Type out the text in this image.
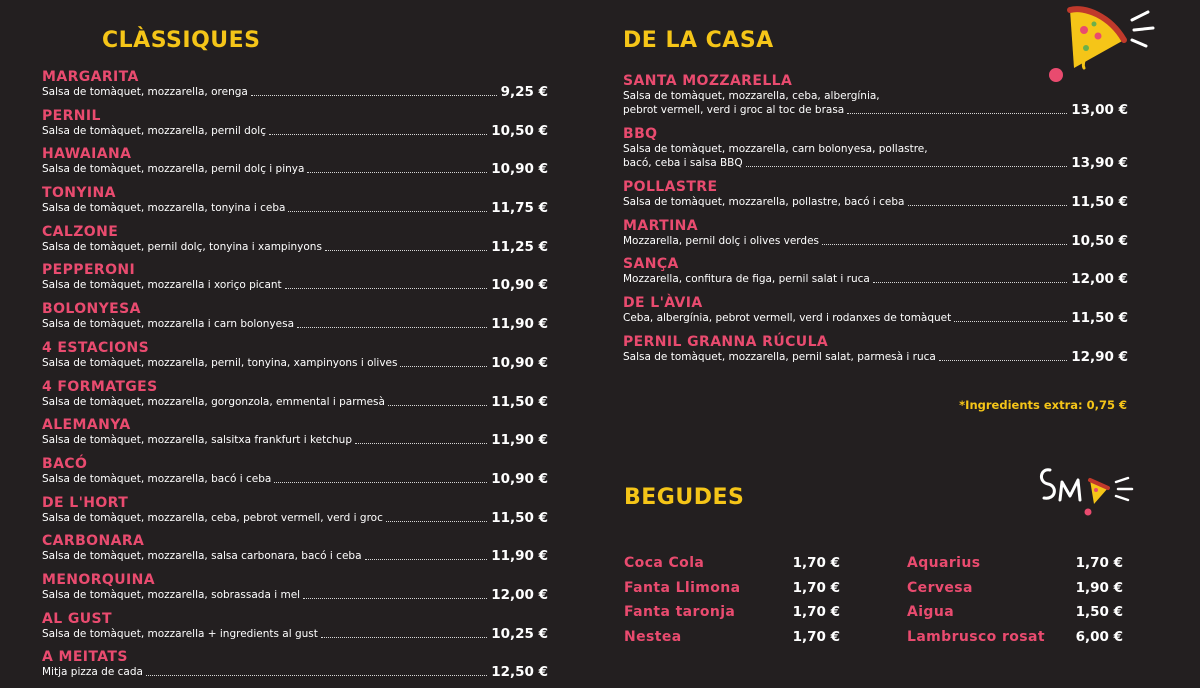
CLÀSSIQUES
MARGARITA
Salsa de tomàquet, mozzarella, orenga	9,25 €
PERNIL
Salsa de tomàquet, mozzarella, pernil dolç	10,50 €
HAWAIANA
Salsa de tomàquet, mozzarella, pernil dolç i pinya	10,90 €
TONYINA
Salsa de tomàquet, mozzarella, tonyina i ceba	11,75 €
CALZONE
Salsa de tomàquet, pernil dolç, tonyina i xampinyons	11,25 €
PEPPERONI
Salsa de tomàquet, mozzarella i xoriço picant	10,90 €
BOLONYESA
Salsa de tomàquet, mozzarella i carn bolonyesa	11,90 €
4 ESTACIONS
Salsa de tomàquet, mozzarella, pernil, tonyina, xampinyons i olives	10,90 €
4 FORMATGES
Salsa de tomàquet, mozzarella, gorgonzola, emmental i parmesà	11,50 €
ALEMANYA
Salsa de tomàquet, mozzarella, salsitxa frankfurt i ketchup	11,90 €
BACÓ
Salsa de tomàquet, mozzarella, bacó i ceba	10,90 €
DE L'HORT
Salsa de tomàquet, mozzarella, ceba, pebrot vermell, verd i groc	11,50 €
CARBONARA
Salsa de tomàquet, mozzarella, salsa carbonara, bacó i ceba	11,90 €
MENORQUINA
Salsa de tomàquet, mozzarella, sobrassada i mel	12,00 €
AL GUST
Salsa de tomàquet, mozzarella + ingredients al gust	10,25 €
A MEITATS
Mitja pizza de cada	12,50 €
DE LA CASA
SANTA MOZZARELLA
Salsa de tomàquet, mozzarella, ceba, albergínia,
pebrot vermell, verd i groc al toc de brasa	13,00 €
BBQ
Salsa de tomàquet, mozzarella, carn bolonyesa, pollastre,
bacó, ceba i salsa BBQ	13,90 €
POLLASTRE
Salsa de tomàquet, mozzarella, pollastre, bacó i ceba	11,50 €
MARTINA
Mozzarella, pernil dolç i olives verdes	10,50 €
SANÇA
Mozzarella, confitura de figa, pernil salat i ruca	12,00 €
DE L'ÀVIA
Ceba, albergínia, pebrot vermell, verd i rodanxes de tomàquet	11,50 €
PERNIL GRANNA RÚCULA
Salsa de tomàquet, mozzarella, pernil salat, parmesà i ruca	12,90 €
*Ingredients extra: 0,75 €
BEGUDES
Coca Cola	1,70 €
Fanta Llimona	1,70 €
Fanta taronja	1,70 €
Nestea	1,70 €
Aquarius	1,70 €
Cervesa	1,90 €
Aigua	1,50 €
Lambrusco rosat 6,00 €
